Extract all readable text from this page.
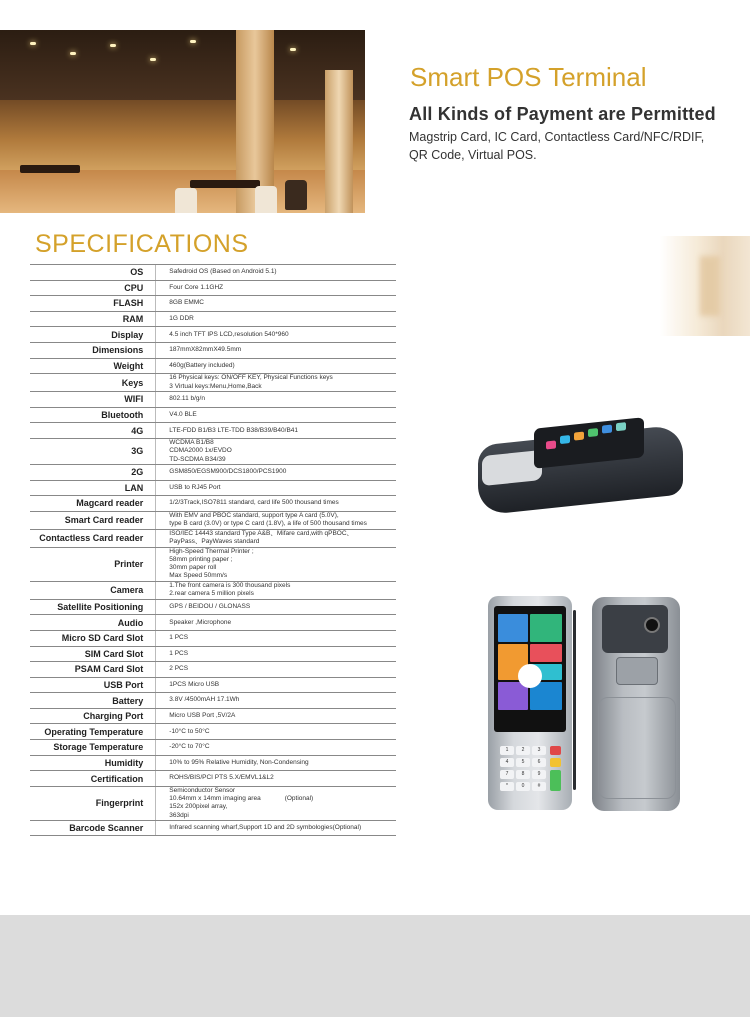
Smart POS Terminal
All Kinds of Payment are Permitted
Magstrip Card, IC Card, Contactless Card/NFC/RDIF,
QR Code, Virtual POS.
SPECIFICATIONS
OS	Safedroid OS (Based on Android 5.1)

CPU	Four Core 1.1GHZ

FLASH	8GB EMMC

RAM	1G DDR

Display	4.5 inch TFT IPS LCD,resolution 540*960

Dimensions	187mmX82mmX49.5mm

Weight	460g(Battery included)

Keys	16 Physical keys: ON/OFF KEY, Physical Functions keys
3 Virtual keys:Menu,Home,Back

WIFI	802.11 b/g/n

Bluetooth	V4.0 BLE

4G	LTE-FDD B1/B3 LTE-TDD B38/B39/B40/B41

3G	WCDMA B1/B8
CDMA2000 1x/EVDO
TD-SCDMA B34/39

2G	GSM850/EGSM900/DCS1800/PCS1900

LAN	USB to RJ45 Port

Magcard reader	1/2/3Track,ISO7811 standard, card life 500 thousand times

Smart Card reader	With EMV and PBOC standard, support type A card (5.0V),
type B card (3.0V) or type C card (1.8V), a life of 500 thousand times

Contactless Card reader	ISO/IEC 14443 standard Type A&B、Mifare card,with qPBOC、
PayPass、PayWaves standard

Printer	High-Speed Thermal Printer ;
58mm printing paper ;
30mm paper roll
Max Speed 50mm/s

Camera	1.The front camera is 300 thousand pixels
2.rear camera 5 million pixels

Satellite Positioning	GPS / BEIDOU / GLONASS

Audio	Speaker ,Microphone

Micro SD Card Slot	1 PCS

SIM Card Slot	1 PCS

PSAM Card Slot	2 PCS

USB Port	1PCS Micro USB

Battery	3.8V /4500mAH 17.1Wh

Charging Port	Micro USB Port ,5V/2A

Operating Temperature	-10°C to 50°C

Storage Temperature	-20°C to 70°C

Humidity	10% to 95% Relative Humidity, Non-Condensing

Certification	ROHS/BIS/PCI PTS 5.X/EMVL1&L2

Fingerprint	Semiconductor Sensor
10.64mm x 14mm imaging area (Optional)
152x 200pixel array,
363dpi

Barcode Scanner	Infrared scanning wharf,Support 1D and 2D symbologies(Optional)
1	2	3
4	5	6
7	8	9
*	0	#
